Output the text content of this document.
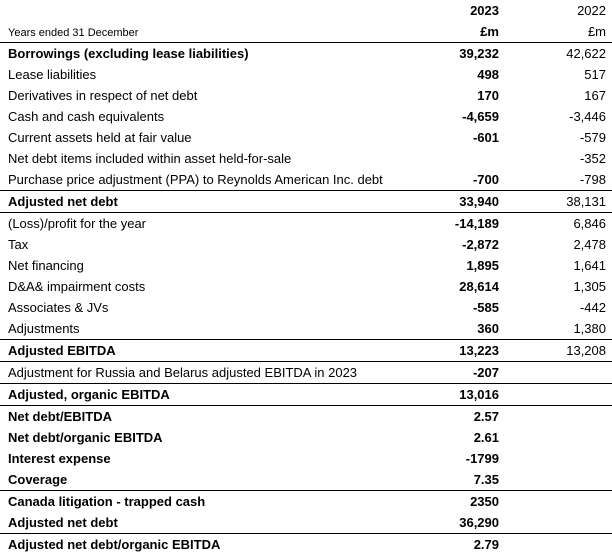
	2023	2022
Years ended 31 December	£m	£m
Borrowings (excluding lease liabilities)	39,232	42,622
Lease liabilities	498	517
Derivatives in respect of net debt	170	167
Cash and cash equivalents	-4,659	-3,446
Current assets held at fair value	-601	-579
Net debt items included within asset held-for-sale		-352
Purchase price adjustment (PPA) to Reynolds American Inc. debt	-700	-798
Adjusted net debt	33,940	38,131
(Loss)/profit for the year	-14,189	6,846
Tax	-2,872	2,478
Net financing	1,895	1,641
D&A& impairment costs	28,614	1,305
Associates & JVs	-585	-442
Adjustments	360	1,380
Adjusted EBITDA	13,223	13,208
Adjustment for Russia and Belarus adjusted EBITDA in 2023	-207	
Adjusted, organic EBITDA	13,016	
Net debt/EBITDA	2.57	
Net debt/organic EBITDA	2.61	
Interest expense	-1799	
Coverage	7.35	
Canada litigation - trapped cash	2350	
Adjusted net debt	36,290	
Adjusted net debt/organic EBITDA	2.79	
